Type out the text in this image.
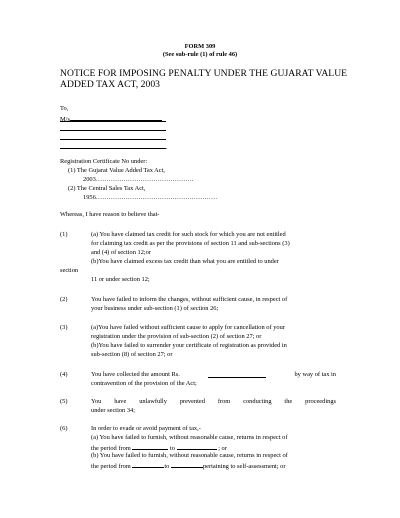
FORM 309
(See sub-rule (1) of rule 46)
NOTICE FOR IMPOSING PENALTY UNDER THE GUJARAT VALUE
ADDED TAX ACT, 2003
To,
M/s
.
Registration Certificate No under:
(1) The Gujarat Value Added Tax Act,
2003……………………………………….
(2) The Central Sales Tax Act,
1956…………………………………………………
Whereas, I have reason to believe that-
(1)	(a) You have claimed tax credit for such stock for which you are not entitled
for claiming tax credit as per the provisions of section 11 and sub-sections (3)
and (4) of section 12;or
(b)You have claimed excess tax credit than what you are entitled to under
section
11 or under section 12;
(2)	You have failed to inform the changes, without sufficient cause, in respect of
your business under sub-section (1) of section 26;
(3)	(a)You have failed without sufficient cause to apply for cancellation of your
registration under the provision of sub-section (2) of section 27; or
(b)You have failed to surrender your certificate of registration as provided in
sub-section (8) of section 27; or
(4)	You have collected the amount Rs.	by way of tax in
contravention of the provision of the Act;
(5)	You have unlawfully prevented from conducting the proceedings
under section 34;
(6)	In order to evade or avoid payment of tax,-
(a) You have failed to furnish, without reasonable cause, returns in respect of
the period from	to	; or
(b) You have failed to furnish, without reasonable cause, returns in respect of
the period from	to	pertaining to self-assessment; or
